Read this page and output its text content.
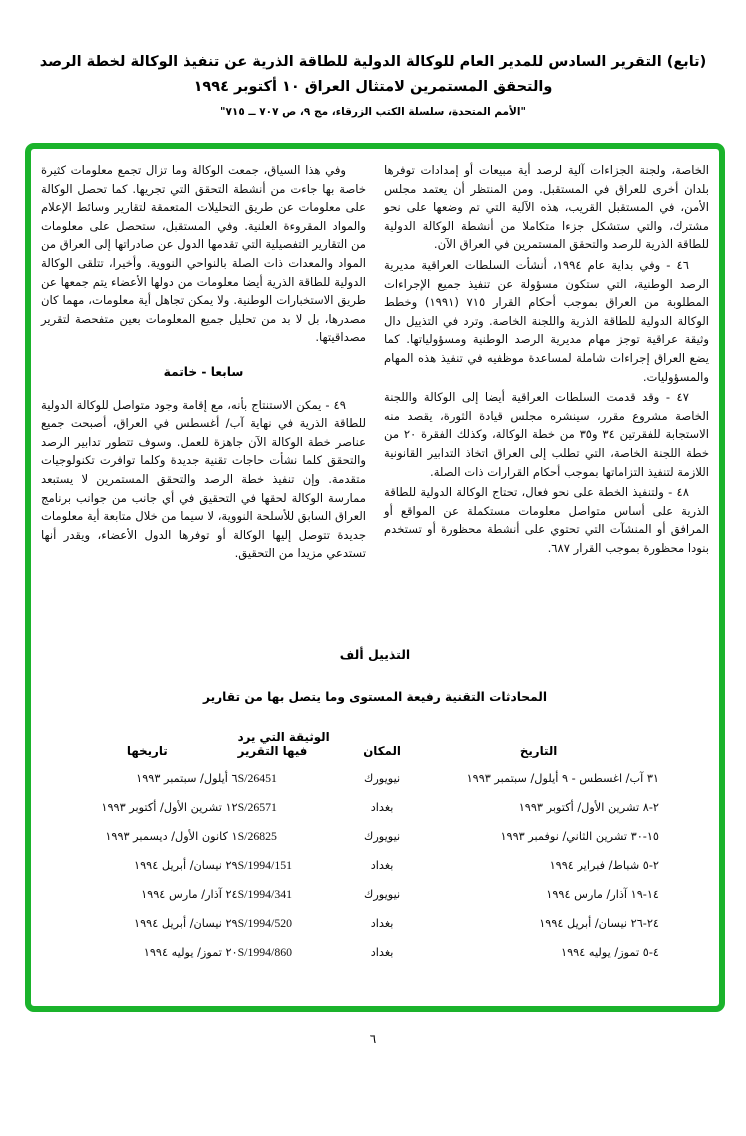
(تابع) التقرير السادس للمدير العام للوكالة الدولية للطاقة الذرية عن تنفيذ الوكالة لخطة الرصد
والتحقق المستمرين لامتثال العراق ١٠ أكتوبر ١٩٩٤
"الأمم المتحدة، سلسلة الكتب الزرقاء، مج ٩، ص ٧٠٧ ــ ٧١٥"

الخاصة، ولجنة الجزاءات آلية لرصد أية مبيعات أو إمدادات توفرها بلدان أخرى للعراق في المستقبل. ومن المنتظر أن يعتمد مجلس الأمن، في المستقبل القريب، هذه الآلية التي تم وضعها على نحو مشترك، والتي ستشكل جزءا متكاملا من أنشطة الوكالة الدولية للطاقة الذرية للرصد والتحقق المستمرين في العراق الآن.

٤٦ - وفي بداية عام ١٩٩٤، أنشأت السلطات العراقية مديرية الرصد الوطنية، التي ستكون مسؤولة عن تنفيذ جميع الإجراءات المطلوبة من العراق بموجب أحكام القرار ٧١٥ (١٩٩١) وخطط الوكالة الدولية للطاقة الذرية واللجنة الخاصة. وترد في التذييل دال وثيقة عراقية توجز مهام مديرية الرصد الوطنية ومسؤولياتها. كما يضع العراق إجراءات شاملة لمساعدة موظفيه في تنفيذ هذه المهام والمسؤوليات.

٤٧ - وقد قدمت السلطات العراقية أيضا إلى الوكالة واللجنة الخاصة مشروع مقرر، سينشره مجلس قيادة الثورة، يقصد منه الاستجابة للفقرتين ٣٤ و٣٥ من خطة الوكالة، وكذلك الفقرة ٢٠ من خطة اللجنة الخاصة، التي تطلب إلى العراق اتخاذ التدابير القانونية اللازمة لتنفيذ التزاماتها بموجب أحكام القرارات ذات الصلة.

٤٨ - ولتنفيذ الخطة على نحو فعال، تحتاج الوكالة الدولية للطاقة الذرية على أساس متواصل معلومات مستكملة عن المواقع أو المرافق أو المنشآت التي تحتوي على أنشطة محظورة أو تستخدم بنودا محظورة بموجب القرار ٦٨٧.

وفي هذا السياق، جمعت الوكالة وما تزال تجمع معلومات كثيرة خاصة بها جاءت من أنشطة التحقق التي تجريها. كما تحصل الوكالة على معلومات عن طريق التحليلات المتعمقة لتقارير وسائط الإعلام والمواد المقروءة العلنية. وفي المستقبل، ستحصل على معلومات من التقارير التفصيلية التي تقدمها الدول عن صادراتها إلى العراق من المواد والمعدات ذات الصلة بالنواحي النووية. وأخيرا، تتلقى الوكالة الدولية للطاقة الذرية أيضا معلومات من دولها الأعضاء يتم جمعها عن طريق الاستخبارات الوطنية. ولا يمكن تجاهل أية معلومات، مهما كان مصدرها، بل لا بد من تحليل جميع المعلومات بعين متفحصة لتقرير مصداقيتها.

سابعا - خاتمة

٤٩ - يمكن الاستنتاج بأنه، مع إقامة وجود متواصل للوكالة الدولية للطاقة الذرية في نهاية آب/ أغسطس في العراق، أصبحت جميع عناصر خطة الوكالة الآن جاهزة للعمل. وسوف تتطور تدابير الرصد والتحقق كلما نشأت حاجات تقنية جديدة وكلما توافرت تكنولوجيات متقدمة. وإن تنفيذ خطة الرصد والتحقق المستمرين لا يستبعد ممارسة الوكالة لحقها في التحقيق في أي جانب من جوانب برنامج العراق السابق للأسلحة النووية، لا سيما من خلال متابعة أية معلومات جديدة تتوصل إليها الوكالة أو توفرها الدول الأعضاء، ويقدر أنها تستدعي مزيدا من التحقيق.

التذييل ألف
المحادثات التقنية رفيعة المستوى وما يتصل بها من تقارير
التاريخ	المكان	الوثيقة التي يرد
فيها التقرير	تاريخها
٣١ آب/ اغسطس - ٩ أيلول/ سبتمبر ١٩٩٣	نيويورك	S/26451	٦ أيلول/ سبتمبر ١٩٩٣
٢-٨ تشرين الأول/ أكتوبر ١٩٩٣	بغداد	S/26571	١٢ تشرين الأول/ أكتوبر ١٩٩٣
١٥-٣٠ تشرين الثاني/ نوفمبر ١٩٩٣	نيويورك	S/26825	١ كانون الأول/ ديسمبر ١٩٩٣
٢-٥ شباط/ فبراير ١٩٩٤	بغداد	S/1994/151	٢٩ نيسان/ أبريل ١٩٩٤
١٤-١٩ آذار/ مارس ١٩٩٤	نيويورك	S/1994/341	٢٤ آذار/ مارس ١٩٩٤
٢٤-٢٦ نيسان/ أبريل ١٩٩٤	بغداد	S/1994/520	٢٩ نيسان/ أبريل ١٩٩٤
٤-٥ تموز/ يوليه ١٩٩٤	بغداد	S/1994/860	٢٠ تموز/ يوليه ١٩٩٤
٦
